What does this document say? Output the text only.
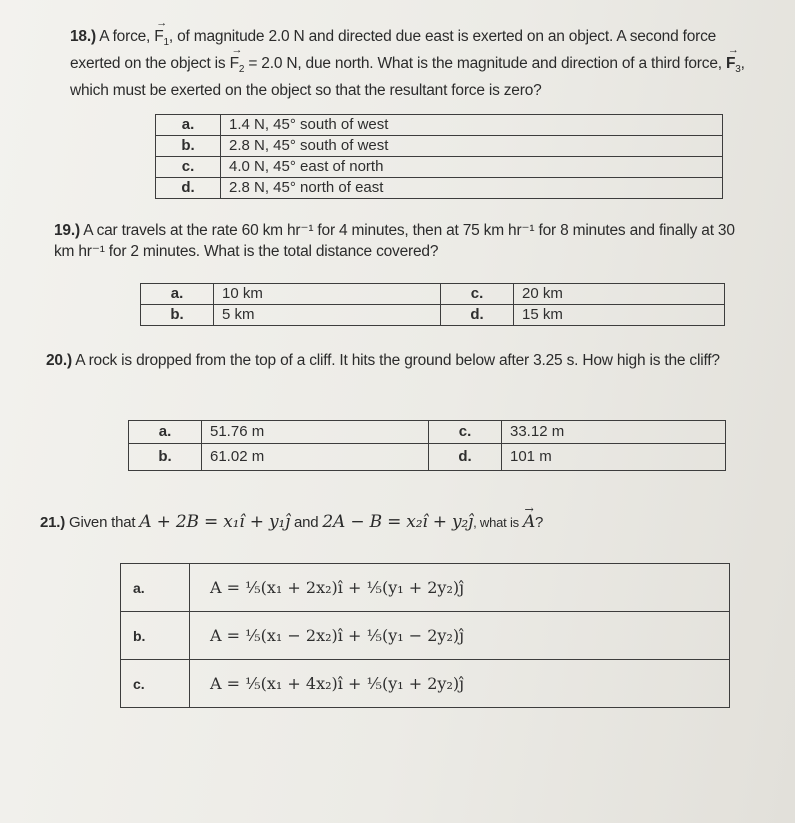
18.) A force, → $F_1$, of magnitude 2.0 N and directed due east is exerted on an object. A second force exerted on the object is → $F_2 = 2.0$ N, due north. What is the magnitude and direction of a third force, → $F_3$, which must be exerted on the object so that the resultant force is zero?
a.	1.4 N, 45° south of west
b.	2.8 N, 45° south of west
c.	4.0 N, 45° east of north
d.	2.8 N, 45° north of east
19.) A car travels at the rate 60 km hr⁻¹ for 4 minutes, then at 75 km hr⁻¹ for 8 minutes and finally at 30 km hr⁻¹ for 2 minutes. What is the total distance covered?
a.	10 km	c.	20 km
b.	5 km	d.	15 km
20.) A rock is dropped from the top of a cliff. It hits the ground below after 3.25 s. How high is the cliff?
a.	51.76 m	c.	33.12 m
b.	61.02 m	d.	101 m
21.) Given that A + 2B = x₁î + y₁ĵ and 2A − B = x₂î + y₂ĵ, what is → A?
a.	A = ⅕(x₁ + 2x₂)î + ⅕(y₁ + 2y₂)ĵ
b.	A = ⅕(x₁ − 2x₂)î + ⅕(y₁ − 2y₂)ĵ
c.	A = ⅕(x₁ + 4x₂)î + ⅕(y₁ + 2y₂)ĵ
